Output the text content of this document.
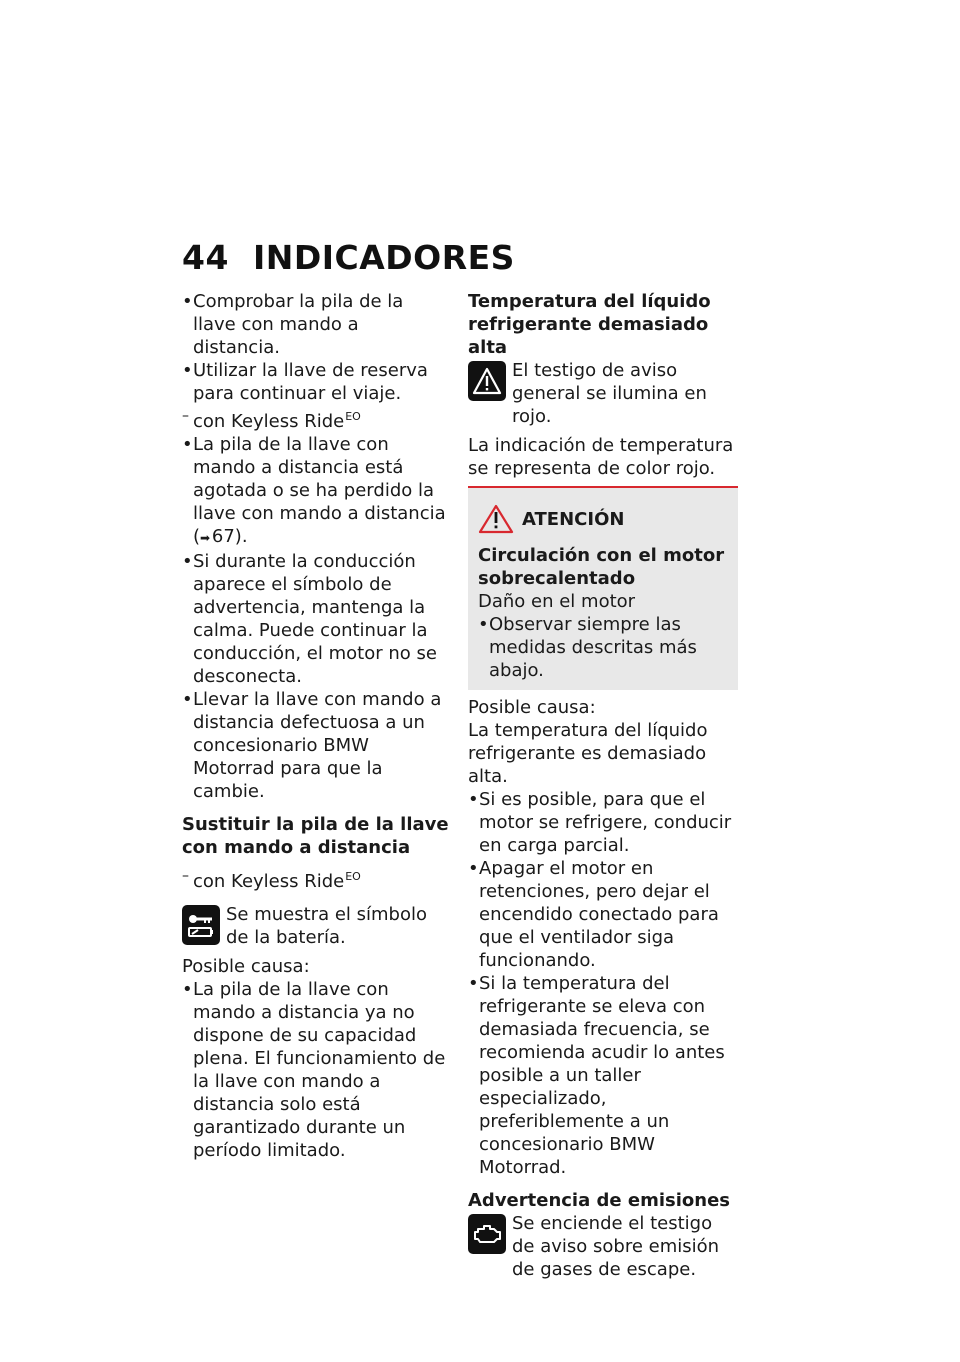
44 INDICADORES

• Comprobar la pila de la llave con mando a distancia.

• Utilizar la llave de reserva para continuar el viaje.

– con Keyless Ride$^{EO}$

• La pila de la llave con mando a distancia está agotada o se ha perdido la llave con mando a distancia (➡ 67).

• Si durante la conducción aparece el símbolo de advertencia, mantenga la calma. Puede continuar la conducción, el motor no se desconecta.

• Llevar la llave con mando a distancia defectuosa a un concesionario BMW Motorrad para que la cambie.

Sustituir la pila de la llave con mando a distancia

– con Keyless Ride$^{EO}$

Se muestra el símbolo de la batería.

Posible causa:

• La pila de la llave con mando a distancia ya no dispone de su capacidad plena. El funcionamiento de la llave con mando a distancia solo está garantizado durante un período limitado.

Temperatura del líquido refrigerante demasiado alta

El testigo de aviso general se ilumina en rojo.

La indicación de temperatura se representa de color rojo.

ATENCIÓN

Circulación con el motor sobrecalentado

Daño en el motor

• Observar siempre las medidas descritas más abajo.

Posible causa:

La temperatura del líquido refrigerante es demasiado alta.

• Si es posible, para que el motor se refrigere, conducir en carga parcial.

• Apagar el motor en retenciones, pero dejar el encendido conectado para que el ventilador siga funcionando.

• Si la temperatura del refrigerante se eleva con demasiada frecuencia, se recomienda acudir lo antes posible a un taller especializado, preferiblemente a un concesionario BMW Motorrad.

Advertencia de emisiones

Se enciende el testigo de aviso sobre emisión de gases de escape.
